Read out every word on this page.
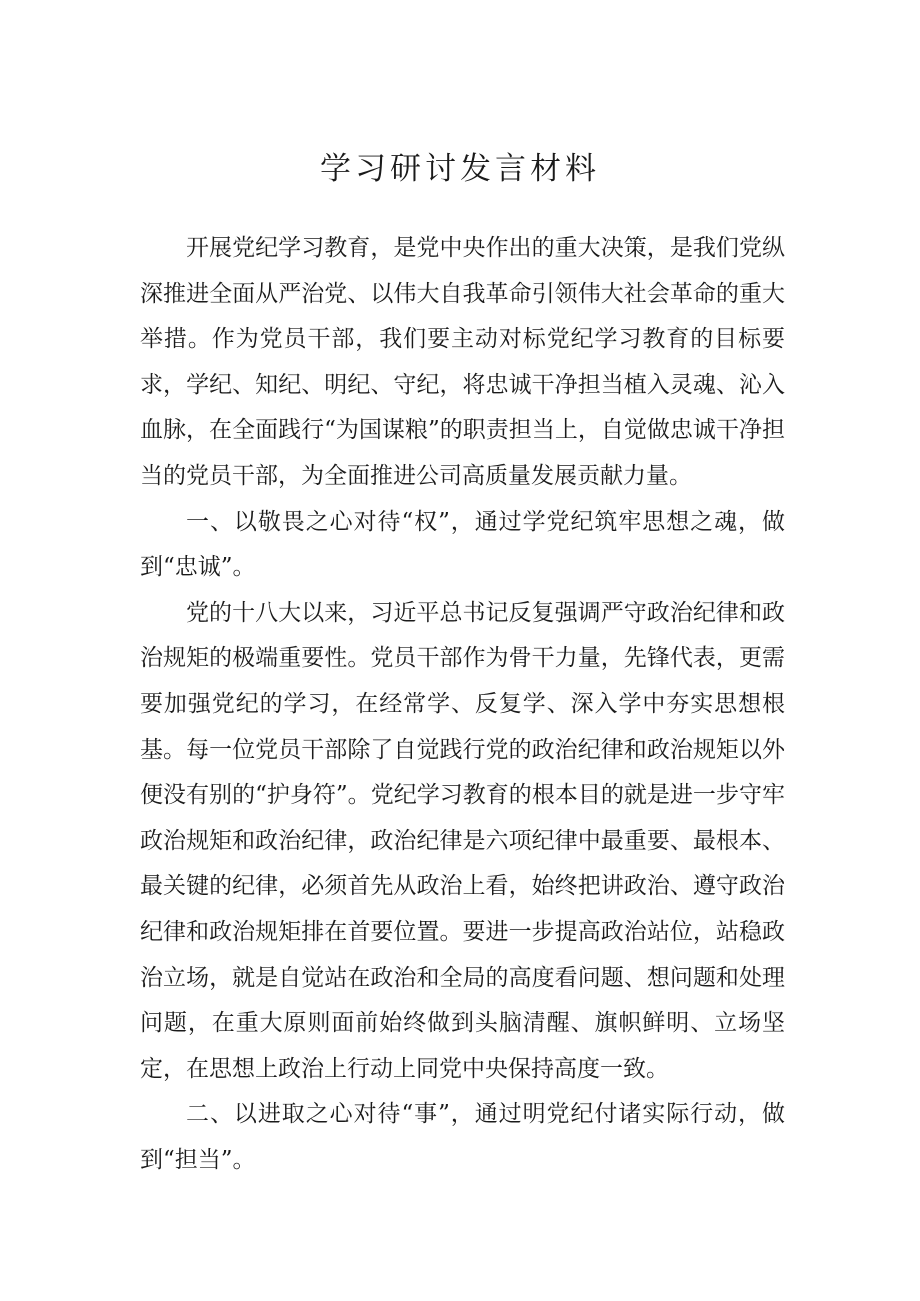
学习研讨发言材料

开展党纪学习教育，是党中央作出的重大决策，是我们党纵深推进全面从严治党、以伟大自我革命引领伟大社会革命的重大举措。作为党员干部，我们要主动对标党纪学习教育的目标要求，学纪、知纪、明纪、守纪，将忠诚干净担当植入灵魂、沁入血脉，在全面践行“为国谋粮”的职责担当上，自觉做忠诚干净担当的党员干部，为全面推进公司高质量发展贡献力量。

一、以敬畏之心对待“权”，通过学党纪筑牢思想之魂，做到“忠诚”。

党的十八大以来，习近平总书记反复强调严守政治纪律和政治规矩的极端重要性。党员干部作为骨干力量，先锋代表，更需要加强党纪的学习，在经常学、反复学、深入学中夯实思想根基。每一位党员干部除了自觉践行党的政治纪律和政治规矩以外便没有别的“护身符”。党纪学习教育的根本目的就是进一步守牢政治规矩和政治纪律，政治纪律是六项纪律中最重要、最根本、最关键的纪律，必须首先从政治上看，始终把讲政治、遵守政治纪律和政治规矩排在首要位置。要进一步提高政治站位，站稳政治立场，就是自觉站在政治和全局的高度看问题、想问题和处理问题，在重大原则面前始终做到头脑清醒、旗帜鲜明、立场坚定，在思想上政治上行动上同党中央保持高度一致。

二、以进取之心对待“事”，通过明党纪付诸实际行动，做到“担当”。
